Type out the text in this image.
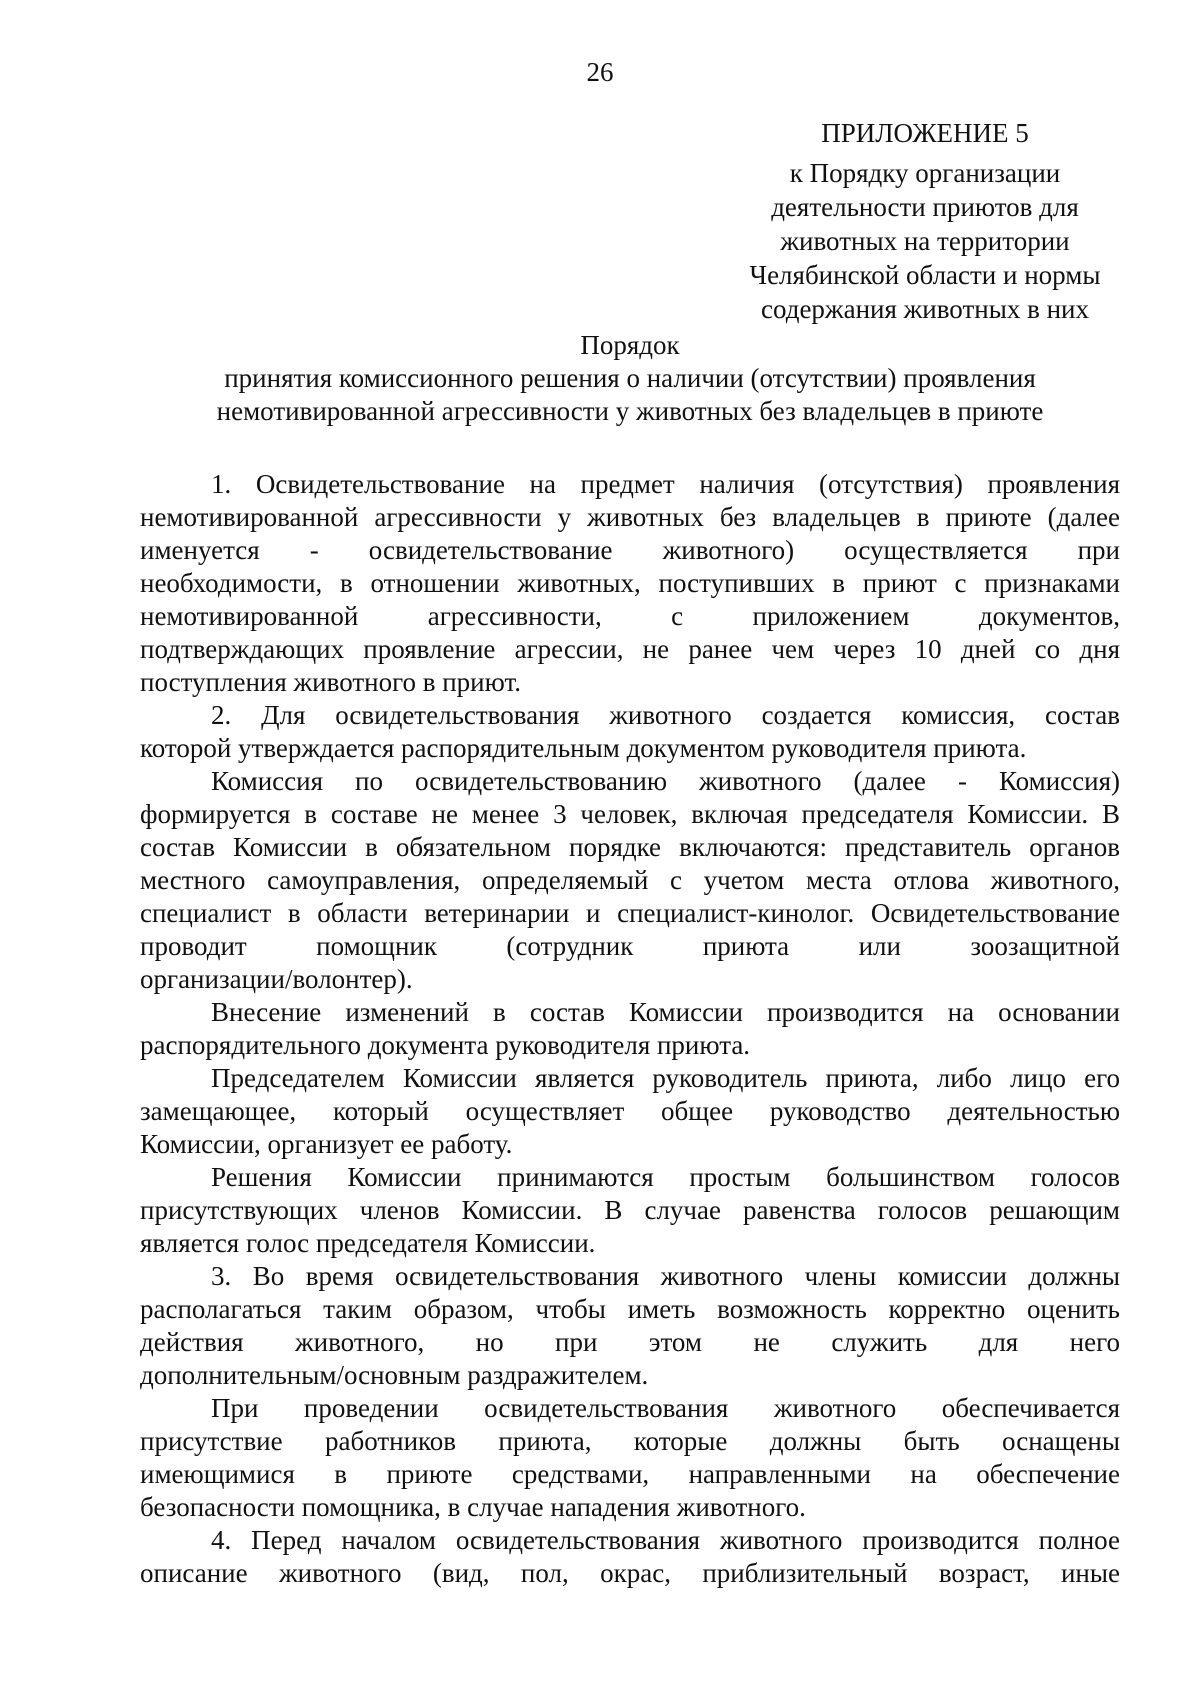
26
ПРИЛОЖЕНИЕ 5
к Порядку организации
деятельности приютов для
животных на территории
Челябинской области и нормы
содержания животных в них
Порядок
принятия комиссионного решения о наличии (отсутствии) проявления
немотивированной агрессивности у животных без владельцев в приюте
1. Освидетельствование на предмет наличия (отсутствия) проявления
немотивированной агрессивности у животных без владельцев в приюте (далее
именуется - освидетельствование животного) осуществляется при
необходимости, в отношении животных, поступивших в приют с признаками
немотивированной агрессивности, с приложением документов,
подтверждающих проявление агрессии, не ранее чем через 10 дней со дня
поступления животного в приют.
2. Для освидетельствования животного создается комиссия, состав
которой утверждается распорядительным документом руководителя приюта.
Комиссия по освидетельствованию животного (далее - Комиссия)
формируется в составе не менее 3 человек, включая председателя Комиссии. В
состав Комиссии в обязательном порядке включаются: представитель органов
местного самоуправления, определяемый с учетом места отлова животного,
специалист в области ветеринарии и специалист-кинолог. Освидетельствование
проводит помощник (сотрудник приюта или зоозащитной
организации/волонтер).
Внесение изменений в состав Комиссии производится на основании
распорядительного документа руководителя приюта.
Председателем Комиссии является руководитель приюта, либо лицо его
замещающее, который осуществляет общее руководство деятельностью
Комиссии, организует ее работу.
Решения Комиссии принимаются простым большинством голосов
присутствующих членов Комиссии. В случае равенства голосов решающим
является голос председателя Комиссии.
3. Во время освидетельствования животного члены комиссии должны
располагаться таким образом, чтобы иметь возможность корректно оценить
действия животного, но при этом не служить для него
дополнительным/основным раздражителем.
При проведении освидетельствования животного обеспечивается
присутствие работников приюта, которые должны быть оснащены
имеющимися в приюте средствами, направленными на обеспечение
безопасности помощника, в случае нападения животного.
4. Перед началом освидетельствования животного производится полное
описание животного (вид, пол, окрас, приблизительный возраст, иные
